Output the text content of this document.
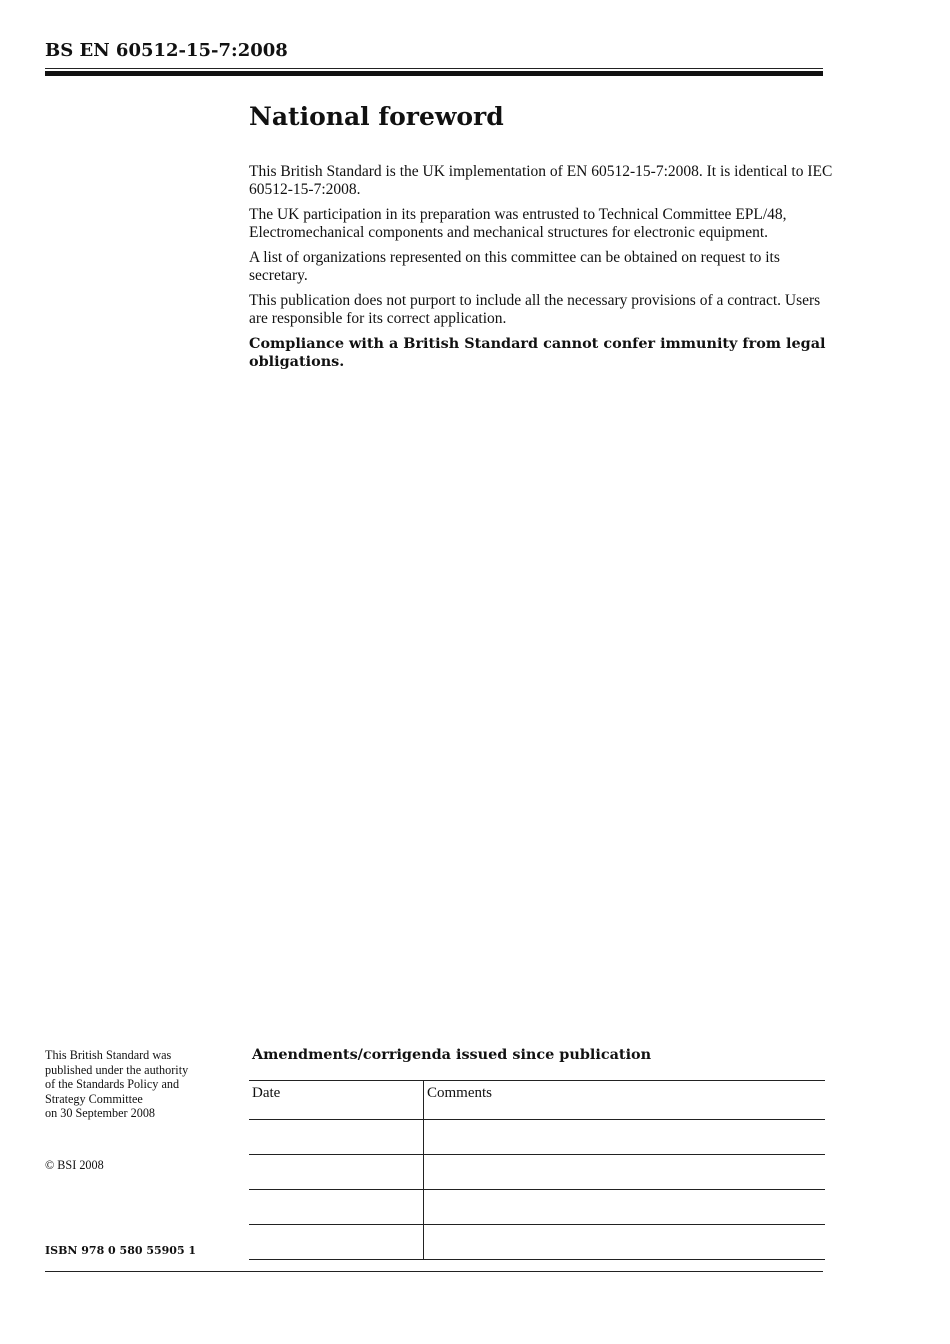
BS EN 60512-15-7:2008
National foreword

This British Standard is the UK implementation of EN 60512-15-7:2008. It is identical to IEC 60512-15-7:2008.

The UK participation in its preparation was entrusted to Technical Committee EPL/48, Electromechanical components and mechanical structures for electronic equipment.

A list of organizations represented on this committee can be obtained on request to its secretary.

This publication does not purport to include all the necessary provisions of a contract. Users are responsible for its correct application.

Compliance with a British Standard cannot confer immunity from legal obligations.

This British Standard was
published under the authority
of the Standards Policy and
Strategy Committee
on 30 September 2008
© BSI 2008
ISBN 978 0 580 55905 1
Amendments/corrigenda issued since publication
Date	Comments
